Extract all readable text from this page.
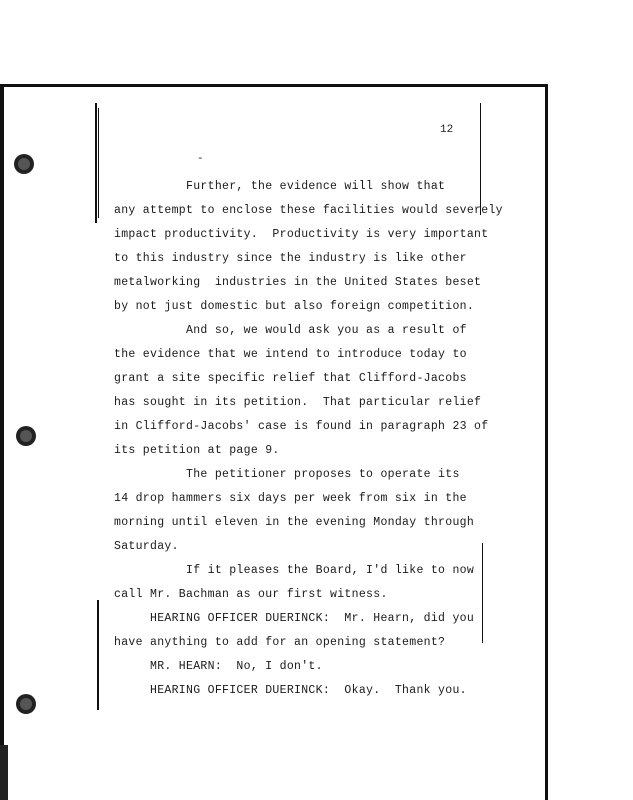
12
-
Further, the evidence will show that
any attempt to enclose these facilities would severely
impact productivity.  Productivity is very important
to this industry since the industry is like other
metalworking  industries in the United States beset
by not just domestic but also foreign competition.
And so, we would ask you as a result of
the evidence that we intend to introduce today to
grant a site specific relief that Clifford-Jacobs
has sought in its petition.  That particular relief
in Clifford-Jacobs' case is found in paragraph 23 of
its petition at page 9.
The petitioner proposes to operate its
14 drop hammers six days per week from six in the
morning until eleven in the evening Monday through
Saturday.
If it pleases the Board, I'd like to now
call Mr. Bachman as our first witness.
HEARING OFFICER DUERINCK:  Mr. Hearn, did you
have anything to add for an opening statement?
MR. HEARN:  No, I don't.
HEARING OFFICER DUERINCK:  Okay.  Thank you.
